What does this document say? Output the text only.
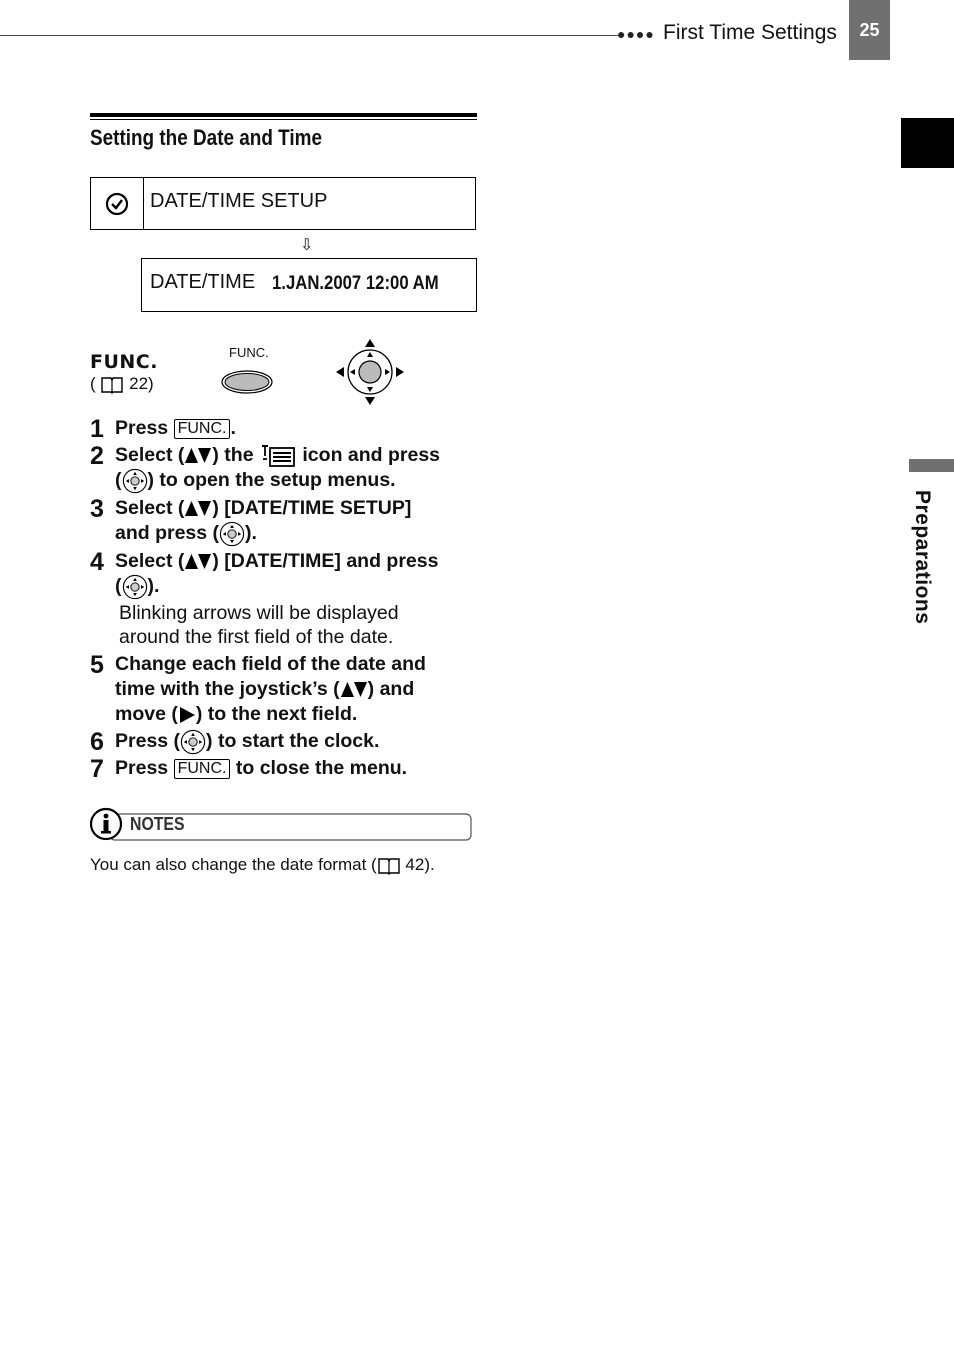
●●●● First Time Settings	25
Preparations
Setting the Date and Time
DATE/TIME SETUP
⇩
DATE/TIME 1.JAN.2007 12:00 AM
FUNC.
( 22)
FUNC.
1 Press FUNC. .
2 Select ( ) the	icon and press
( ) to open the setup menus.
3 Select ( ) [DATE/TIME SETUP]
and press ( ).
4 Select ( ) [DATE/TIME] and press
( ).
Blinking arrows will be displayed
around the first field of the date.
5 Change each field of the date and
time with the joystick’s ( ) and
move ( ) to the next field.
6 Press ( ) to start the clock.
7 Press FUNC. to close the menu.
NOTES
You can also change the date format ( 42).
